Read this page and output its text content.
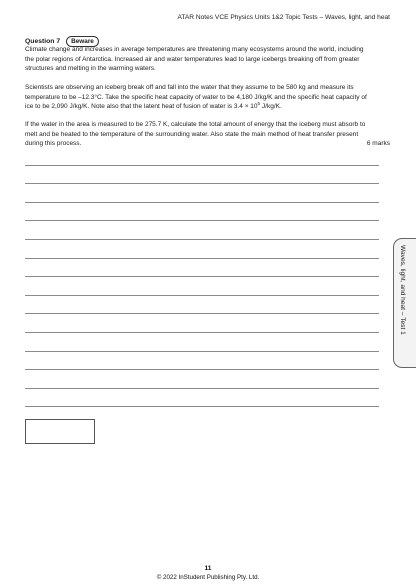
ATAR Notes VCE Physics Units 1&2 Topic Tests – Waves, light, and heat
Question 7	Beware

Climate change and increases in average temperatures are threatening many ecosystems around the world, including the polar regions of Antarctica. Increased air and water temperatures lead to large icebergs breaking off from greater structures and melting in the warming waters.

Scientists are observing an iceberg break off and fall into the water that they assume to be 580 kg and measure its temperature to be –12.3°C. Take the specific heat capacity of water to be 4,180 J/kg/K and the specific heat capacity of ice to be 2,090 J/kg/K. Note also that the latent heat of fusion of water is $3.4 \times 10^5$ J/kg/K.

If the water in the area is measured to be 275.7 K, calculate the total amount of energy that the iceberg must absorb to melt and be heated to the temperature of the surrounding water. Also state the main method of heat transfer present during this process.	6 marks
Waves, light, and heat – Test 1
11
© 2022 InStudent Publishing Pty. Ltd.
